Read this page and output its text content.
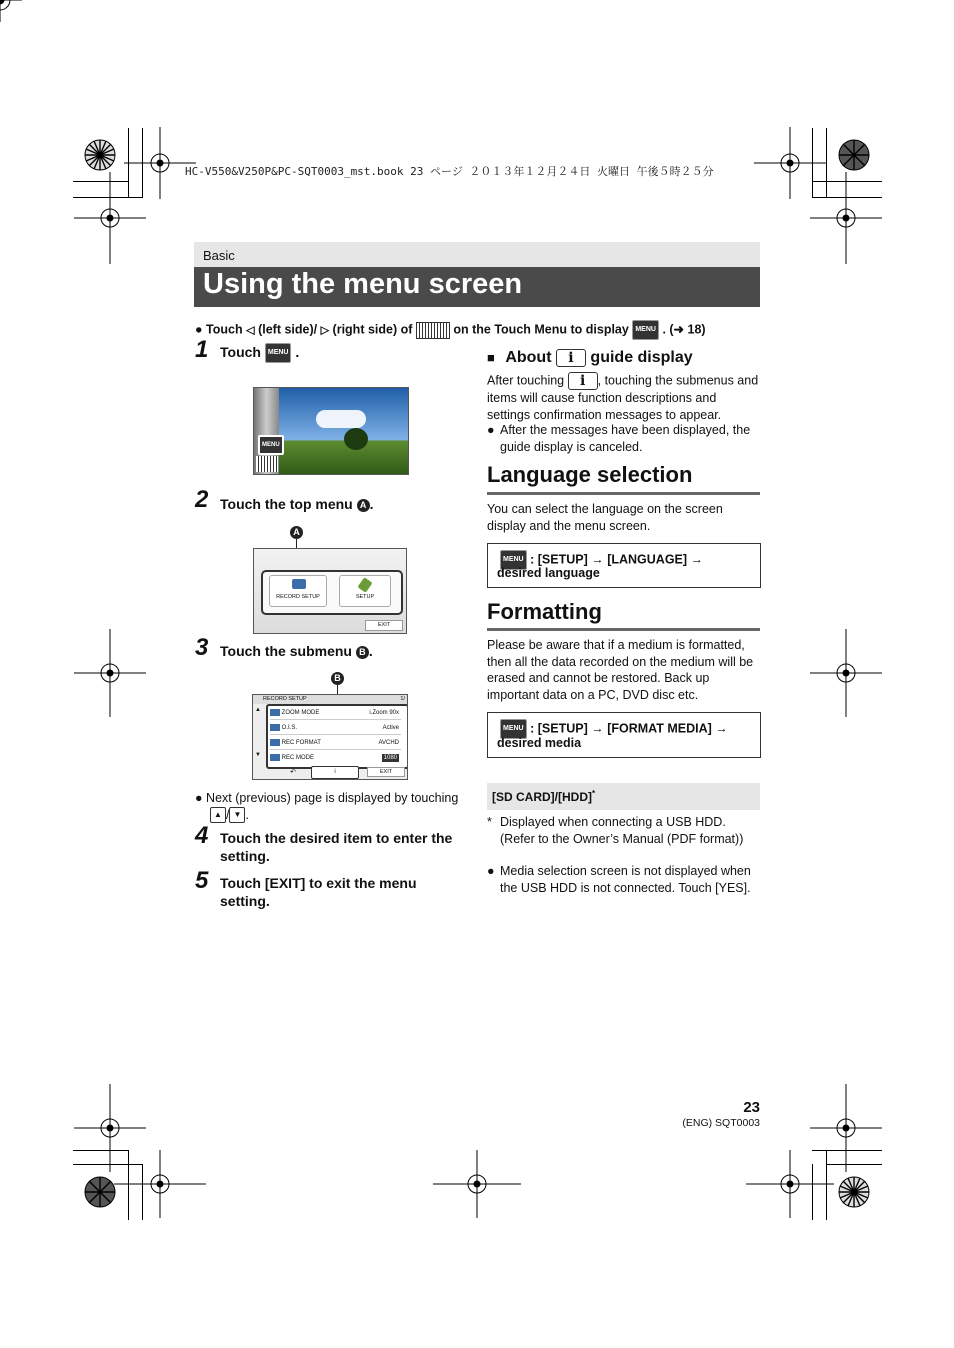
HC-V550&V250P&PC-SQT0003_mst.book 23 ページ ２０１３年１２月２４日 火曜日 午後５時２５分
Basic
Using the menu screen
● Touch ◁ (left side)/ ▷ (right side) of	on the Touch Menu to display MENU . (➜ 18)
1 Touch MENU .
MENU
2 Touch the top menu A .
A
RECORD SETUP	SETUP
EXIT
3 Touch the submenu B .
B
RECORD SETUP	1/
▲
▼
ZOOM MODE	i.Zoom 90x
O.I.S.	Active
REC FORMAT	AVCHD
REC MODE	1080
↶	i	EXIT
● Next (previous) page is displayed by touching
▲ / ▼ .
4 Touch the desired item to enter the setting.
5 Touch [EXIT] to exit the menu setting.
■ About i guide display
After touching i , touching the submenus and items will cause function descriptions and settings confirmation messages to appear.
● After the messages have been displayed, the guide display is canceled.
Language selection
You can select the language on the screen display and the menu screen.
MENU : [SETUP] → [LANGUAGE] →
desired language
Formatting
Please be aware that if a medium is formatted, then all the data recorded on the medium will be erased and cannot be restored. Back up important data on a PC, DVD disc etc.
MENU : [SETUP] → [FORMAT MEDIA] →
desired media
[SD CARD]/[HDD]*
* Displayed when connecting a USB HDD. (Refer to the Owner’s Manual (PDF format))
● Media selection screen is not displayed when the USB HDD is not connected. Touch [YES].
23
(ENG) SQT0003
